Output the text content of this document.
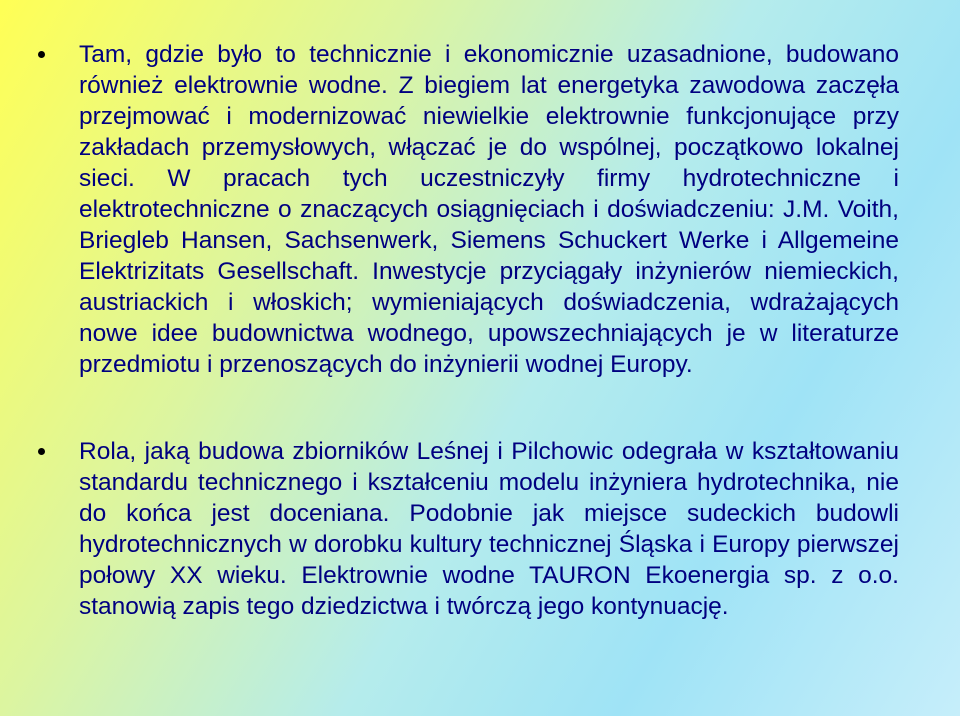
Tam, gdzie było to technicznie i ekonomicznie uzasadnione, budowano również elektrownie wodne. Z biegiem lat energetyka zawodowa zaczęła przejmować i modernizować niewielkie elektrownie funkcjonujące przy zakładach przemysłowych, włączać je do wspólnej, początkowo lokalnej sieci. W pracach tych uczestniczyły firmy hydrotechniczne i elektrotechniczne o znaczących osiągnięciach i doświadczeniu: J.M. Voith, Briegleb Hansen, Sachsenwerk, Siemens Schuckert Werke i Allgemeine Elektrizitats Gesellschaft. Inwestycje przyciągały inżynierów niemieckich, austriackich i włoskich; wymieniających doświadczenia, wdrażających nowe idee budownictwa wodnego, upowszechniających je w literaturze przedmiotu i przenoszących do inżynierii wodnej Europy.
Rola, jaką budowa zbiorników Leśnej i Pilchowic odegrała w kształtowaniu standardu technicznego i kształceniu modelu inżyniera hydrotechnika, nie do końca jest doceniana. Podobnie jak miejsce sudeckich budowli hydrotechnicznych w dorobku kultury technicznej Śląska i Europy pierwszej połowy XX wieku. Elektrownie wodne TAURON Ekoenergia sp. z o.o. stanowią zapis tego dziedzictwa i twórczą jego kontynuację.
